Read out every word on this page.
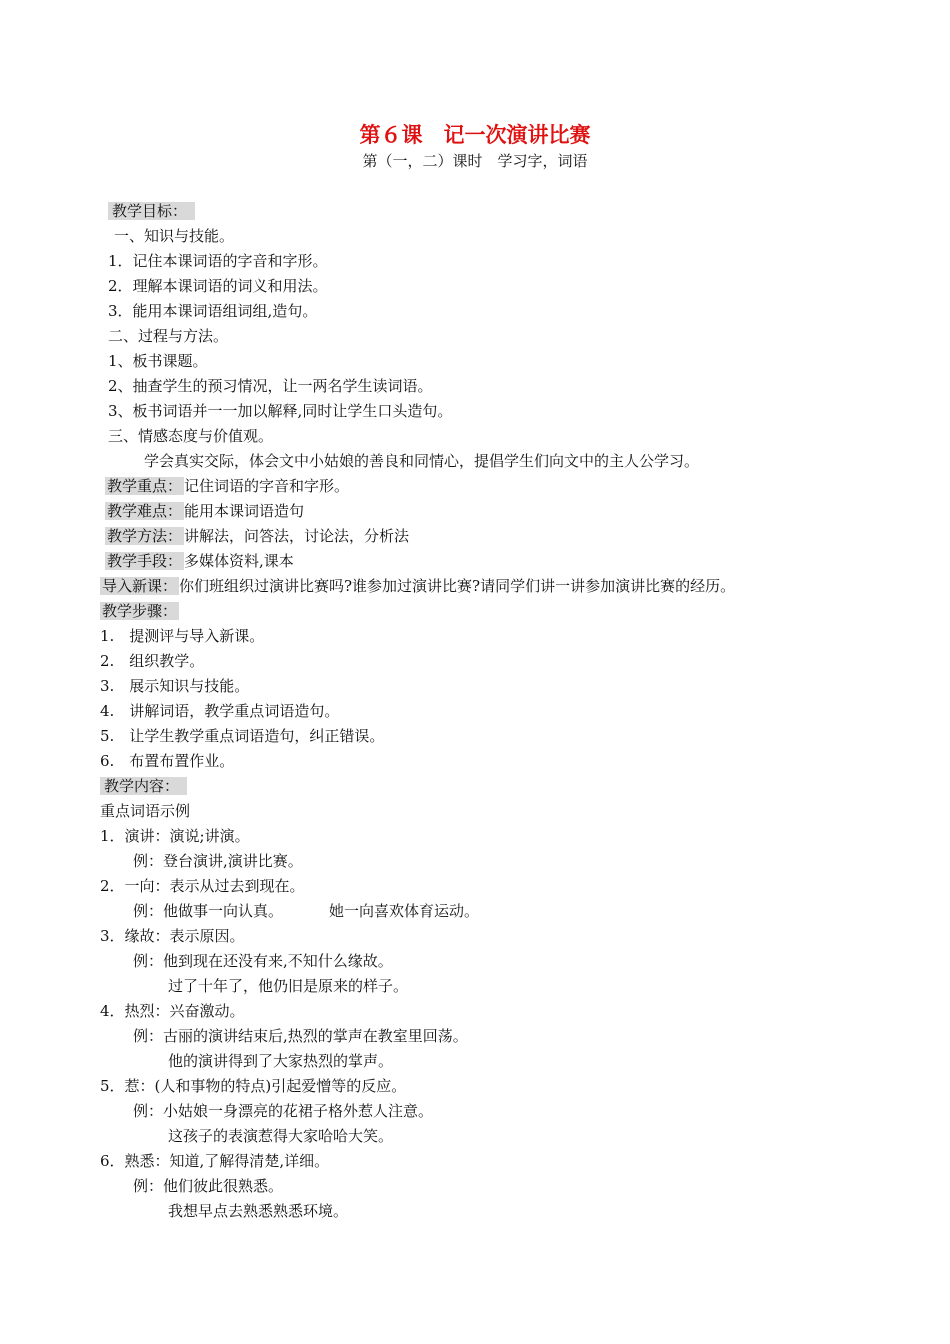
第６课　记一次演讲比赛
第（一，二）课时　学习字，词语
教学目标：
一、知识与技能。
1．记住本课词语的字音和字形。
2．理解本课词语的词义和用法。
3．能用本课词语组词组,造句。
二、过程与方法。
1、板书课题。
2、抽查学生的预习情况，让一两名学生读词语。
3、板书词语并一一加以解释,同时让学生口头造句。
三、情感态度与价值观。
学会真实交际，体会文中小姑娘的善良和同情心，提倡学生们向文中的主人公学习。
教学重点： 记住词语的字音和字形。
教学难点： 能用本课词语造句
教学方法： 讲解法，问答法，讨论法，分析法
教学手段： 多媒体资料,课本
导入新课： 你们班组织过演讲比赛吗?谁参加过演讲比赛?请同学们讲一讲参加演讲比赛的经历。
教学步骤：
1.　提测评与导入新课。
2.　组织教学。
3.　展示知识与技能。
4.　讲解词语，教学重点词语造句。
5.　让学生教学重点词语造句，纠正错误。
6.　布置布置作业。
教学内容：
重点词语示例
1．演讲：演说;讲演。
例：登台演讲,演讲比赛。
2．一向：表示从过去到现在。
例：他做事一向认真。	她一向喜欢体育运动。
3．缘故：表示原因。
例：他到现在还没有来,不知什么缘故。
过了十年了，他仍旧是原来的样子。
4．热烈：兴奋激动。
例：古丽的演讲结束后,热烈的掌声在教室里回荡。
他的演讲得到了大家热烈的掌声。
5．惹：(人和事物的特点)引起爱憎等的反应。
例：小姑娘一身漂亮的花裙子格外惹人注意。
这孩子的表演惹得大家哈哈大笑。
6．熟悉：知道,了解得清楚,详细。
例：他们彼此很熟悉。
我想早点去熟悉熟悉环境。
